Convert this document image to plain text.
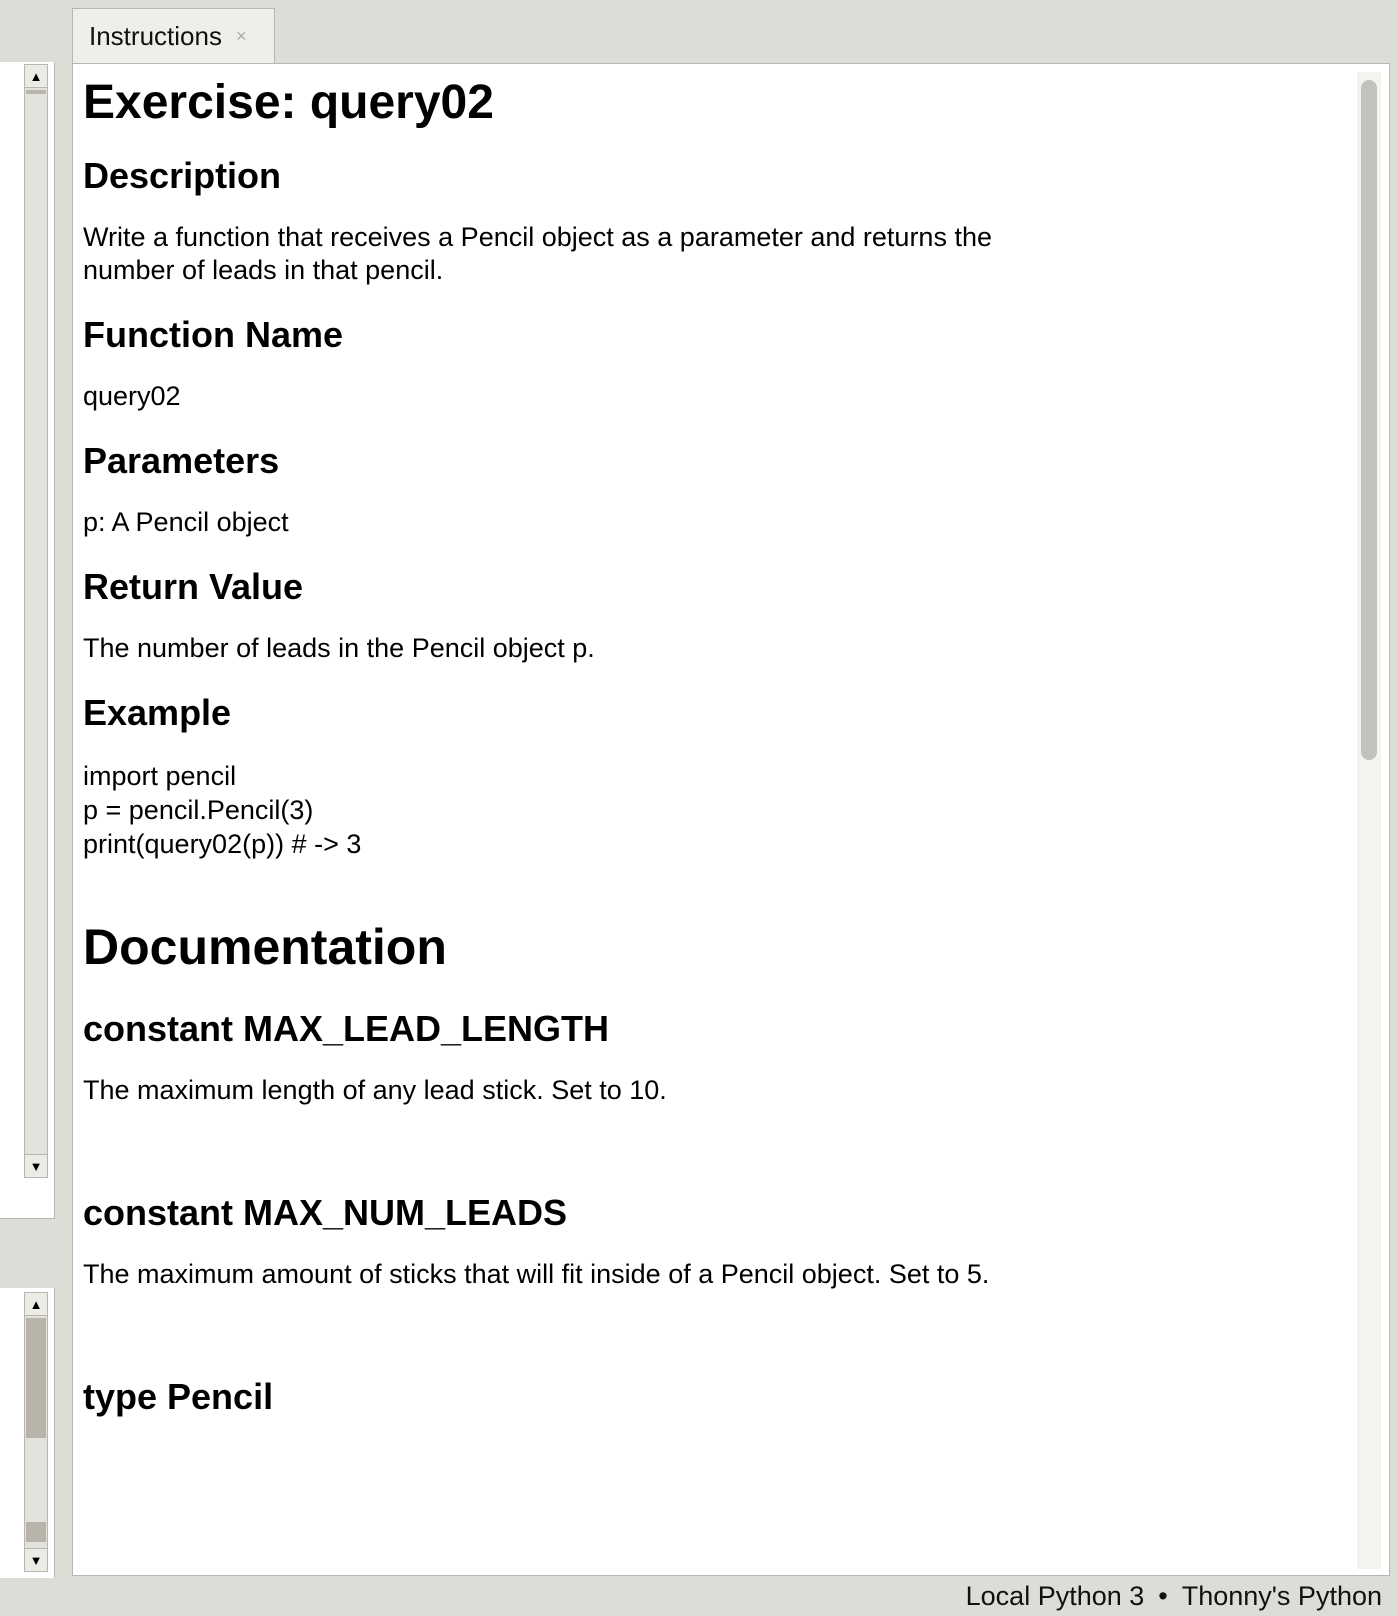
▲
▼
▲
▼
Instructions ×
Exercise: query02
Description

Write a function that receives a Pencil object as a parameter and returns the

number of leads in that pencil.

Function Name

query02

Parameters

p: A Pencil object

Return Value

The number of leads in the Pencil object p.

Example
import pencil
p = pencil.Pencil(3)
print(query02(p)) # -> 3
Documentation
constant MAX_LEAD_LENGTH

The maximum length of any lead stick. Set to 10.

constant MAX_NUM_LEADS

The maximum amount of sticks that will fit inside of a Pencil object. Set to 5.

type Pencil
Local Python 3 • Thonny's Python
